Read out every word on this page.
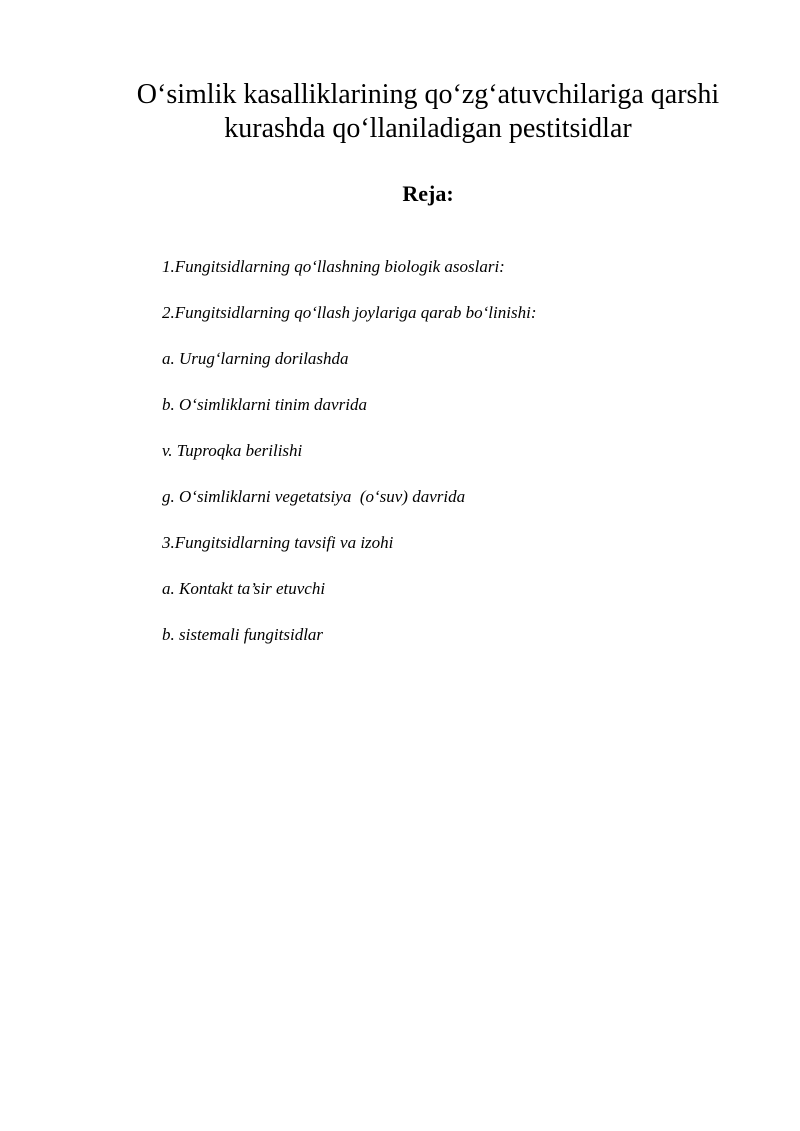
O‘simlik kasalliklarining qo‘zg‘atuvchilariga qarshi
kurashda qo‘llaniladigan pestitsidlar
Reja:
1.Fungitsidlarning qo‘llashning biologik asoslari:
2.Fungitsidlarning qo‘llash joylariga qarab bo‘linishi:
a. Urug‘larning dorilashda
b. O‘simliklarni tinim davrida
v. Tuproqka berilishi
g. O‘simliklarni vegetatsiya  (o‘suv) davrida
3.Fungitsidlarning tavsifi va izohi
a. Kontakt ta’sir etuvchi
b. sistemali fungitsidlar
